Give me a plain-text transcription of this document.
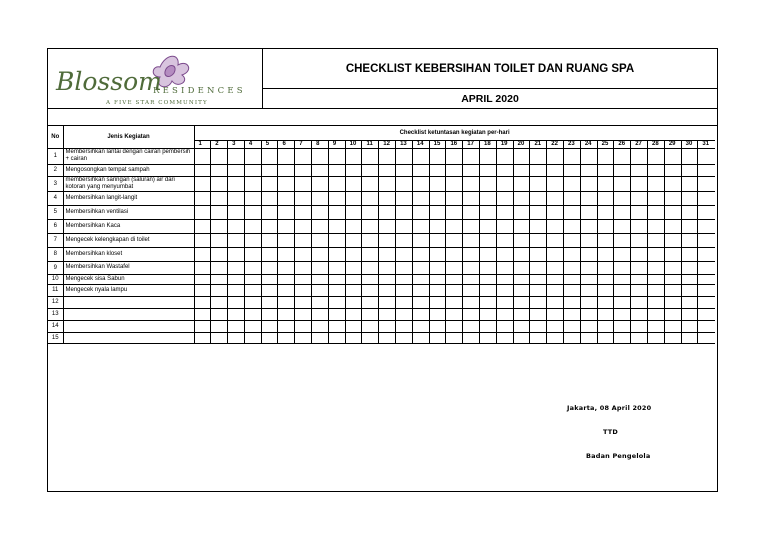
Blossom
RESIDENCES
A FIVE STAR COMMUNITY
CHECKLIST KEBERSIHAN TOILET DAN RUANG SPA
APRIL 2020
No	Jenis Kegiatan	Checklist ketuntasan kegiatan per-hari																														
		1	2	3	4	5	6	7	8	9	10	11	12	13	14	15	16	17	18	19	20	21	22	23	24	25	26	27	28	29	30	31
1	Membersihkan lantai dengan cairan pembersih + cairan																															
2	Mengosongkan tempat sampah																															
3	membersihkan saringan (saluran) air dari kotoran yang menyumbat																															
4	Membersihkan langit-langit																															
5	Membersihkan ventilasi																															
6	Membersihkan Kaca																															
7	Mengecek kelengkapan di toilet																															
8	Membersihkan kloset																															
9	Membersihkan Wastafel																															
10	Mengecek sisa Sabun																															
11	Mengecek nyala lampu																															
12																																
13																																
14																																
15																																
Jakarta, 08 April 2020
TTD
Badan Pengelola
